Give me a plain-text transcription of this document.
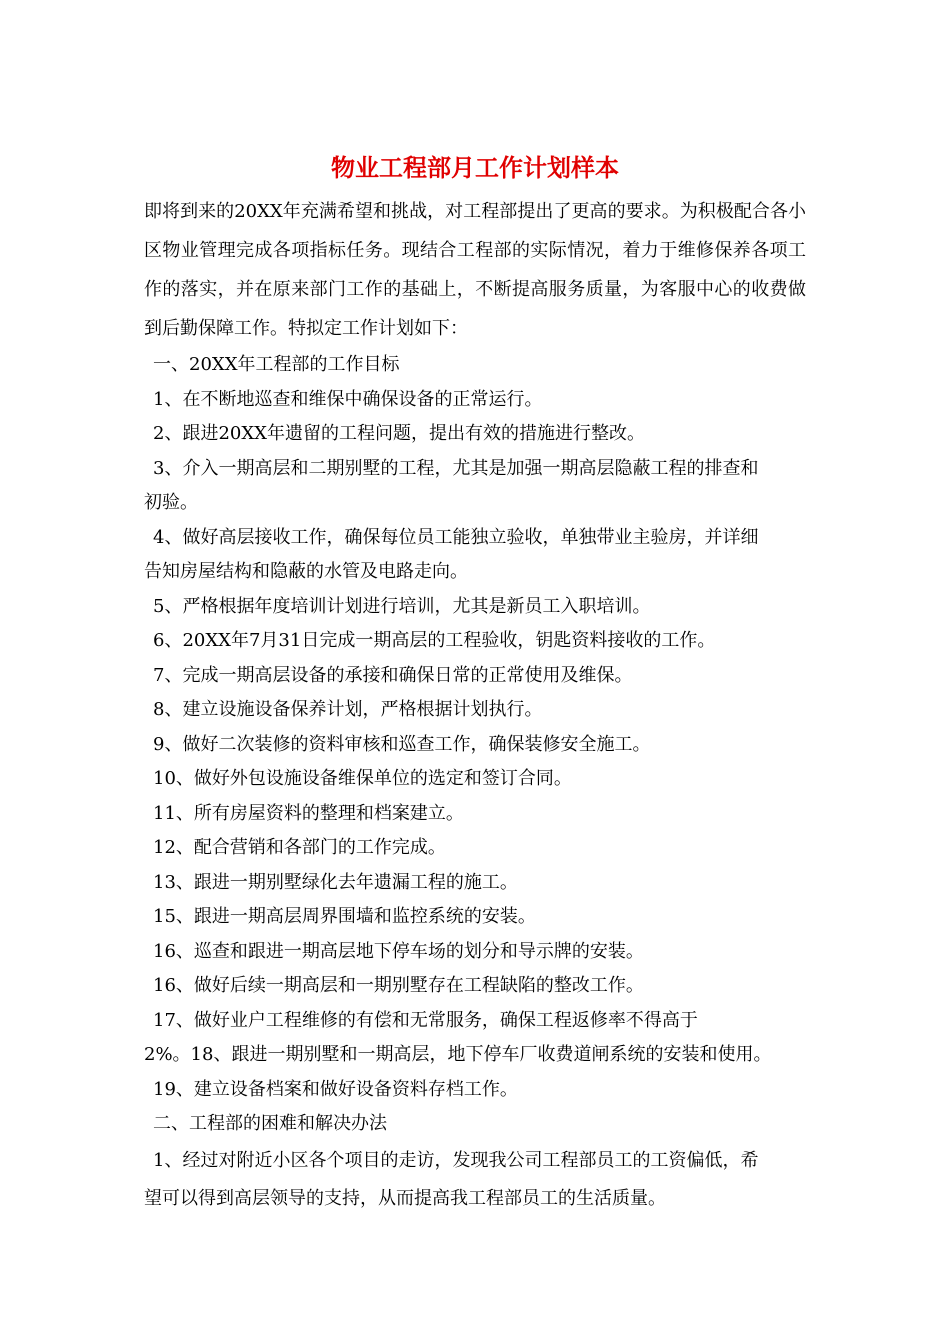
物业工程部月工作计划样本

即将到来的20XX年充满希望和挑战，对工程部提出了更高的要求。为积极配合各小区物业管理完成各项指标任务。现结合工程部的实际情况，着力于维修保养各项工作的落实，并在原来部门工作的基础上，不断提高服务质量，为客服中心的收费做到后勤保障工作。特拟定工作计划如下：

一、20XX年工程部的工作目标
1、在不断地巡查和维保中确保设备的正常运行。
2、跟进20XX年遗留的工程问题，提出有效的措施进行整改。
3、介入一期高层和二期别墅的工程，尤其是加强一期高层隐蔽工程的排查和
初验。
4、做好高层接收工作，确保每位员工能独立验收，单独带业主验房，并详细
告知房屋结构和隐蔽的水管及电路走向。
5、严格根据年度培训计划进行培训，尤其是新员工入职培训。
6、20XX年7月31日完成一期高层的工程验收，钥匙资料接收的工作。
7、完成一期高层设备的承接和确保日常的正常使用及维保。
8、建立设施设备保养计划，严格根据计划执行。
9、做好二次装修的资料审核和巡查工作，确保装修安全施工。
10、做好外包设施设备维保单位的选定和签订合同。
11、所有房屋资料的整理和档案建立。
12、配合营销和各部门的工作完成。
13、跟进一期别墅绿化去年遗漏工程的施工。
15、跟进一期高层周界围墙和监控系统的安装。
16、巡查和跟进一期高层地下停车场的划分和导示牌的安装。
16、做好后续一期高层和一期别墅存在工程缺陷的整改工作。
17、做好业户工程维修的有偿和无常服务，确保工程返修率不得高于
2%。18、跟进一期别墅和一期高层，地下停车厂收费道闸系统的安装和使用。
19、建立设备档案和做好设备资料存档工作。
二、工程部的困难和解决办法
1、经过对附近小区各个项目的走访，发现我公司工程部员工的工资偏低，希
望可以得到高层领导的支持，从而提高我工程部员工的生活质量。
